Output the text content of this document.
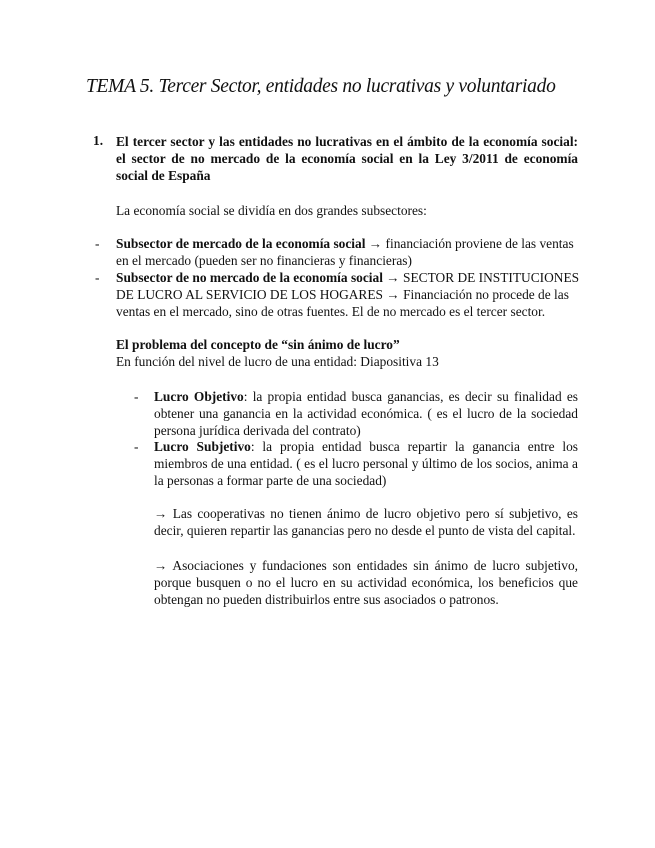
TEMA 5. Tercer Sector, entidades no lucrativas y voluntariado
1. El tercer sector y las entidades no lucrativas en el ámbito de la economía social: el sector de no mercado de la economía social en la Ley 3/2011 de economía social de España

La economía social se dividía en dos grandes subsectores:

- Subsector de mercado de la economía social → financiación proviene de las ventas en el mercado (pueden ser no financieras y financieras)

- Subsector de no mercado de la economía social → SECTOR DE INSTITUCIONES DE LUCRO AL SERVICIO DE LOS HOGARES → Financiación no procede de las ventas en el mercado, sino de otras fuentes. El de no mercado es el tercer sector.

El problema del concepto de “sin ánimo de lucro”

En función del nivel de lucro de una entidad: Diapositiva 13

- Lucro Objetivo: la propia entidad busca ganancias, es decir su finalidad es obtener una ganancia en la actividad económica. ( es el lucro de la sociedad persona jurídica derivada del contrato)

- Lucro Subjetivo: la propia entidad busca repartir la ganancia entre los miembros de una entidad. ( es el lucro personal y último de los socios, anima a la personas a formar parte de una sociedad)

→ Las cooperativas no tienen ánimo de lucro objetivo pero sí subjetivo, es decir, quieren repartir las ganancias pero no desde el punto de vista del capital.

→ Asociaciones y fundaciones son entidades sin ánimo de lucro subjetivo, porque busquen o no el lucro en su actividad económica, los beneficios que obtengan no pueden distribuirlos entre sus asociados o patronos.
